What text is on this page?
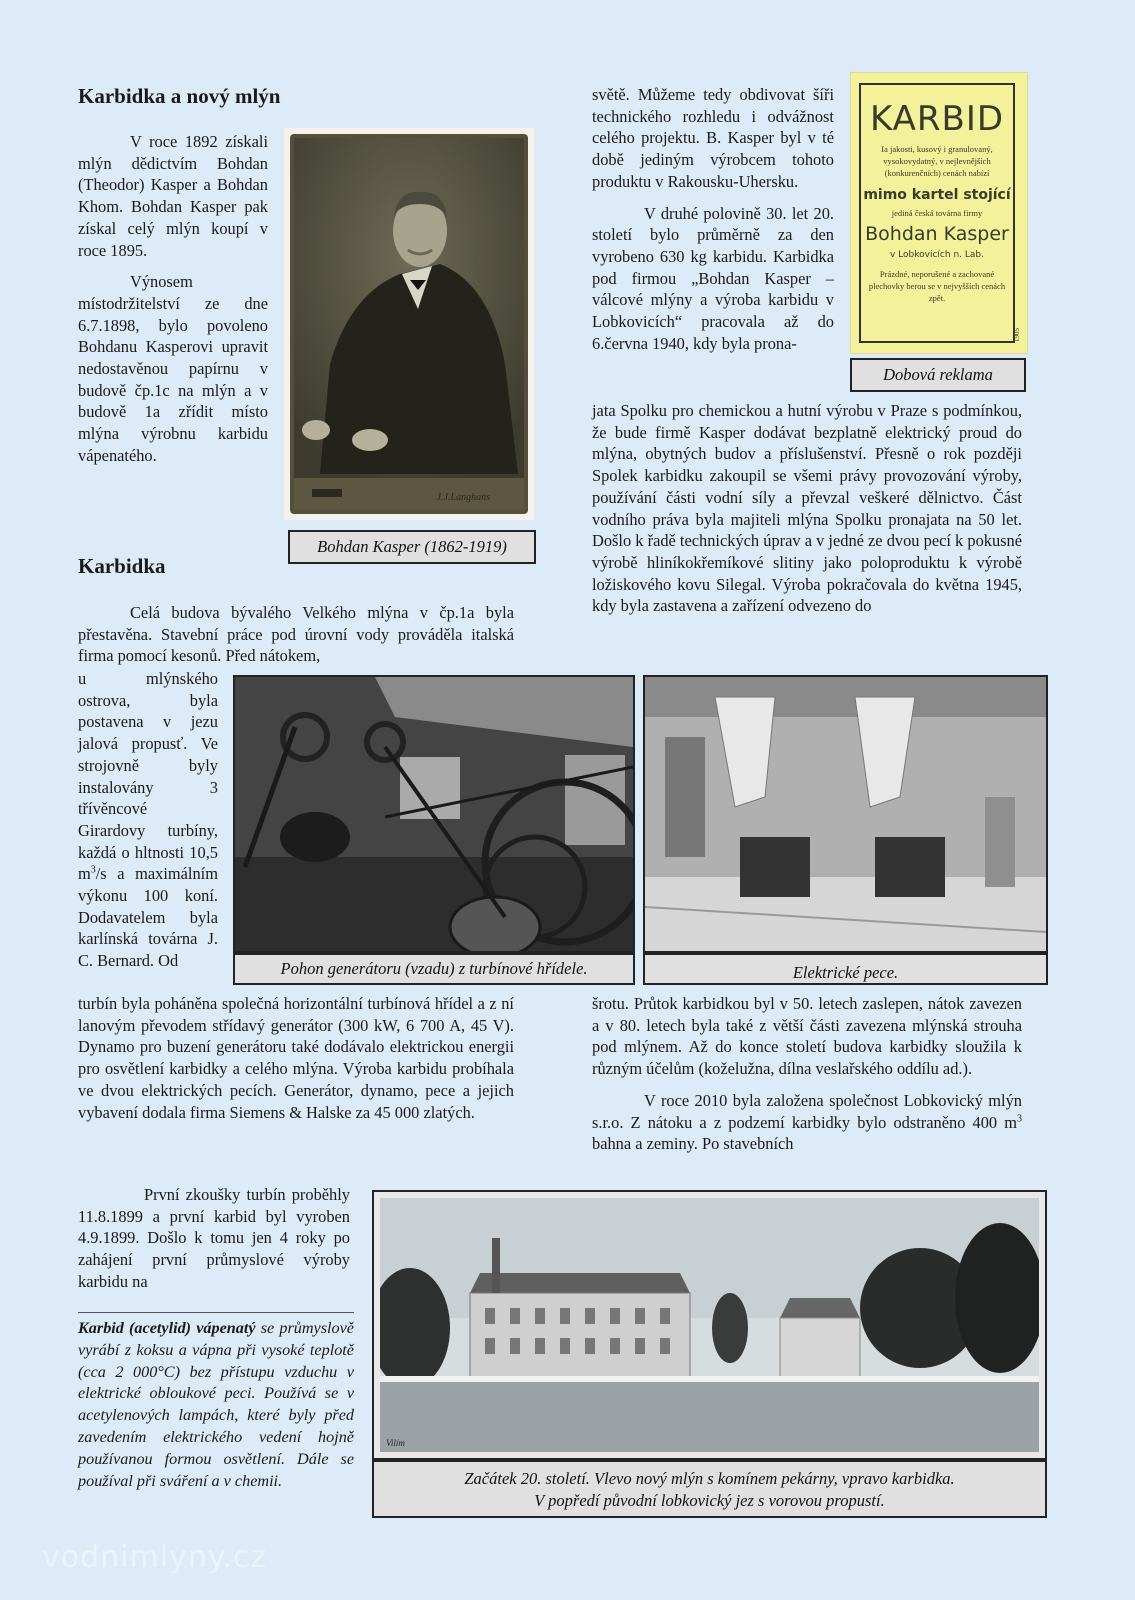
Karbidka a nový mlýn

V roce 1892 získali mlýn dědictvím Bohdan (Theodor) Kasper a Bohdan Khom. Bohdan Kasper pak získal celý mlýn koupí v roce 1895.

Výnosem místodržitelství ze dne 6.7.1898, bylo povoleno Bohdanu Kasperovi upravit nedostavěnou papírnu v budově čp.1c na mlýn a v budově 1a zřídit místo mlýna výrobnu karbidu vápenatého.

J.J.Langhans
Bohdan Kasper (1862-1919)

světě. Můžeme tedy obdivovat šíři technického rozhledu i odvážnost celého projektu. B. Kasper byl v té době jediným výrobcem tohoto produktu v Rakousku-Uhersku.

V druhé polovině 30. let 20. století bylo průměrně za den vyrobeno 630 kg karbidu. Karbidka pod firmou „Bohdan Kasper – válcové mlýny a výroba karbidu v Lobkovicích“ pracovala až do 6.června 1940, kdy byla prona-

jata Spolku pro chemickou a hutní výrobu v Praze s podmínkou, že bude firmě Kasper dodávat bezplatně elektrický proud do mlýna, obytných budov a příslušenství. Přesně o rok později Spolek karbidku zakoupil se všemi právy provozování výroby, používání části vodní síly a převzal veškeré dělnictvo. Část vodního práva byla majiteli mlýna Spolku pronajata na 50 let. Došlo k řadě technických úprav a v jedné ze dvou pecí k pokusné výrobě hliníkokřemíkové slitiny jako poloproduktu k výrobě ložiskového kovu Silegal. Výroba pokračovala do května 1945, kdy byla zastavena a zařízení odvezeno do

KARBID
Ia jakosti, kusový i granulovaný, vysokovydatný, v nejlevnějších (konkurenčních) cenách nabízí
mimo kartel stojící
jediná česká továrna firmy
Bohdan Kasper
v Lobkovicích n. Lab.
Prázdné, neporušené a zachované plechovky berou se v nejvyšších cenách zpět.
1905
Dobová reklama
Karbidka

Celá budova bývalého Velkého mlýna v čp.1a byla přestavěna. Stavební práce pod úrovní vody prováděla italská firma pomocí kesonů. Před nátokem,

u mlýnského ostrova, byla postavena v jezu jalová propusť. Ve strojovně byly instalovány 3 třívěncové Girardovy turbíny, každá o hltnosti 10,5 $m^3/s$ a maximálním výkonu 100 koní. Dodavatelem byla karlínská továrna J. C. Bernard. Od

turbín byla poháněna společná horizontální turbínová hřídel a z ní lanovým převodem střídavý generátor (300 kW, 6 700 A, 45 V). Dynamo pro buzení generátoru také dodávalo elektrickou energii pro osvětlení karbidky a celého mlýna. Výroba karbidu probíhala ve dvou elektrických pecích. Generátor, dynamo, pece a jejich vybavení dodala firma Siemens & Halske za 45 000 zlatých.

První zkoušky turbín proběhly 11.8.1899 a první karbid byl vyroben 4.9.1899. Došlo k tomu jen 4 roky po zahájení první průmyslové výroby karbidu na

Pohon generátoru (vzadu) z turbínové hřídele.	Elektrické pece.

šrotu. Průtok karbidkou byl v 50. letech zaslepen, nátok zavezen a v 80. letech byla také z větší části zavezena mlýnská strouha pod mlýnem. Až do konce století budova karbidky sloužila k různým účelům (koželužna, dílna veslařského oddílu ad.).

V roce 2010 byla založena společnost Lobkovický mlýn s.r.o. Z nátoku a z podzemí karbidky bylo odstraněno 400 $m^3$ bahna a zeminy. Po stavebních

Karbid (acetylid) vápenatý se průmyslově vyrábí z koksu a vápna při vysoké teplotě (cca 2 000°C) bez přístupu vzduchu v elektrické obloukové peci. Používá se v acetylenových lampách, které byly před zavedením elektrického vedení hojně používanou formou osvětlení. Dále se používal při sváření a v chemii.

Vilím
Začátek 20. století. Vlevo nový mlýn s komínem pekárny, vpravo karbidka.
V popředí původní lobkovický jez s vorovou propustí.
vodnimlyny.cz
